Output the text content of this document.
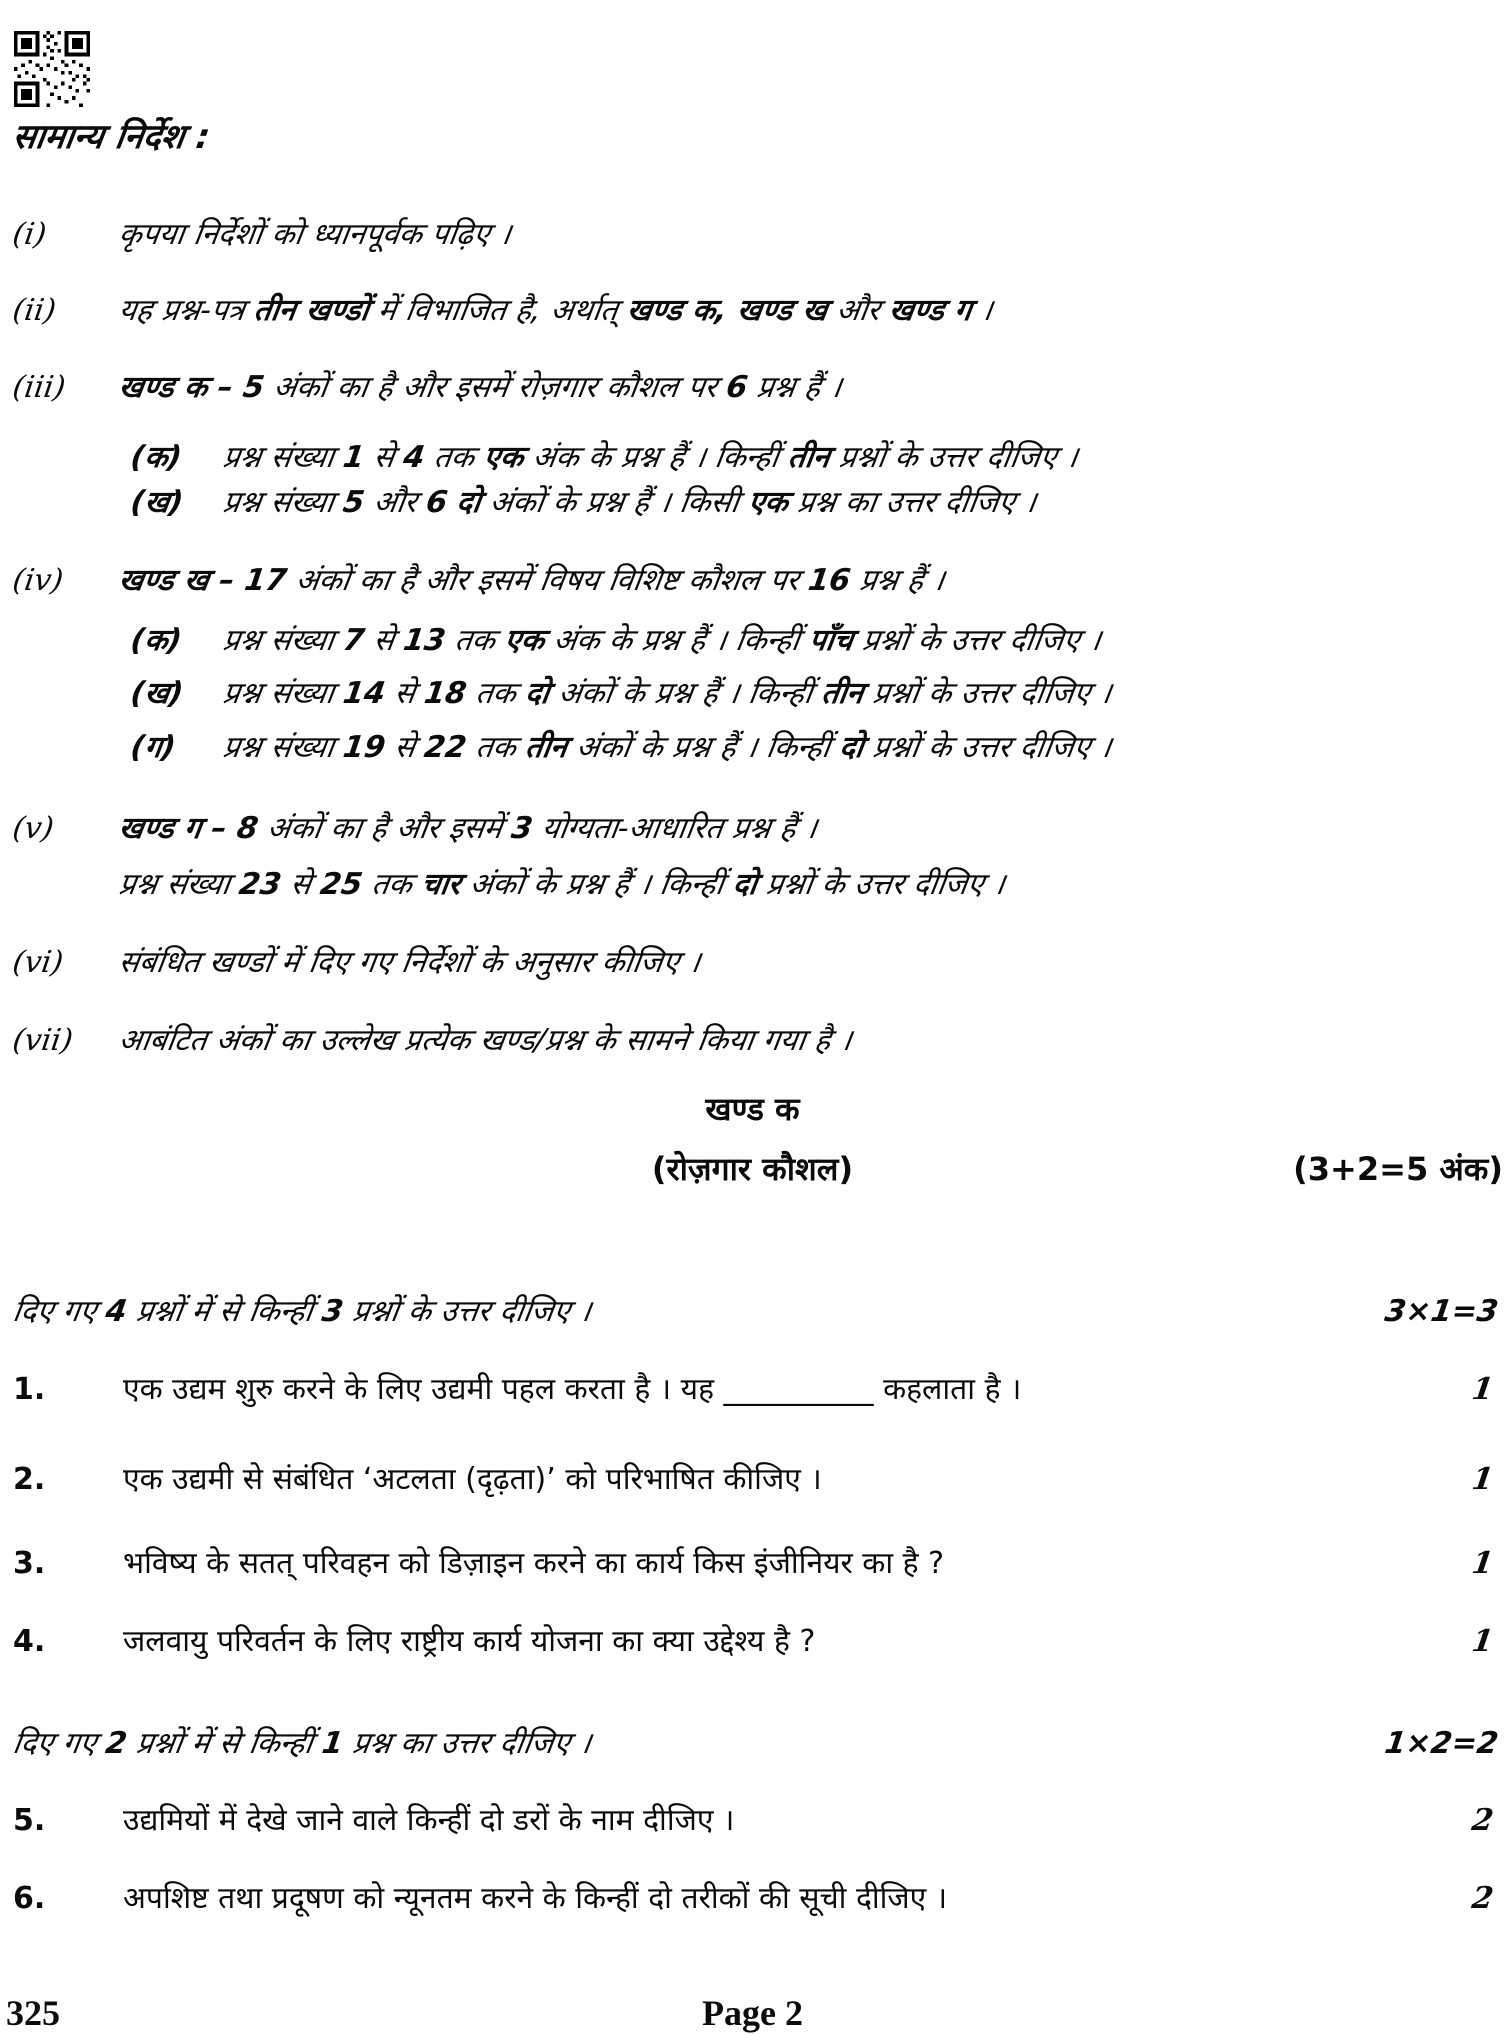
सामान्य निर्देश :
(i)	कृपया निर्देशों को ध्यानपूर्वक पढ़िए ।
(ii)	यह प्रश्न-पत्र तीन खण्डों में विभाजित है, अर्थात् खण्ड क, खण्ड ख और खण्ड ग ।
(iii)	खण्ड क – 5 अंकों का है और इसमें रोज़गार कौशल पर 6 प्रश्न हैं ।
(क)	प्रश्न संख्या 1 से 4 तक एक अंक के प्रश्न हैं । किन्हीं तीन प्रश्नों के उत्तर दीजिए ।
(ख)	प्रश्न संख्या 5 और 6 दो अंकों के प्रश्न हैं । किसी एक प्रश्न का उत्तर दीजिए ।
(iv)	खण्ड ख – 17 अंकों का है और इसमें विषय विशिष्ट कौशल पर 16 प्रश्न हैं ।
(क)	प्रश्न संख्या 7 से 13 तक एक अंक के प्रश्न हैं । किन्हीं पाँच प्रश्नों के उत्तर दीजिए ।
(ख)	प्रश्न संख्या 14 से 18 तक दो अंकों के प्रश्न हैं । किन्हीं तीन प्रश्नों के उत्तर दीजिए ।
(ग)	प्रश्न संख्या 19 से 22 तक तीन अंकों के प्रश्न हैं । किन्हीं दो प्रश्नों के उत्तर दीजिए ।
(v)	खण्ड ग – 8 अंकों का है और इसमें 3 योग्यता-आधारित प्रश्न हैं ।
प्रश्न संख्या 23 से 25 तक चार अंकों के प्रश्न हैं । किन्हीं दो प्रश्नों के उत्तर दीजिए ।
(vi)	संबंधित खण्डों में दिए गए निर्देशों के अनुसार कीजिए ।
(vii)	आबंटित अंकों का उल्लेख प्रत्येक खण्ड/प्रश्न के सामने किया गया है ।
खण्ड क
(रोज़गार कौशल)	(3+2=5 अंक)
दिए गए 4 प्रश्नों में से किन्हीं 3 प्रश्नों के उत्तर दीजिए ।	3×1=3
1.	एक उद्यम शुरु करने के लिए उद्यमी पहल करता है । यह __________ कहलाता है ।	1
2.	एक उद्यमी से संबंधित ‘अटलता (दृढ़ता)’ को परिभाषित कीजिए ।	1
3.	भविष्य के सतत् परिवहन को डिज़ाइन करने का कार्य किस इंजीनियर का है ?	1
4.	जलवायु परिवर्तन के लिए राष्ट्रीय कार्य योजना का क्या उद्देश्य है ?	1
दिए गए 2 प्रश्नों में से किन्हीं 1 प्रश्न का उत्तर दीजिए ।	1×2=2
5.	उद्यमियों में देखे जाने वाले किन्हीं दो डरों के नाम दीजिए ।	2
6.	अपशिष्ट तथा प्रदूषण को न्यूनतम करने के किन्हीं दो तरीकों की सूची दीजिए ।	2
325	Page 2
